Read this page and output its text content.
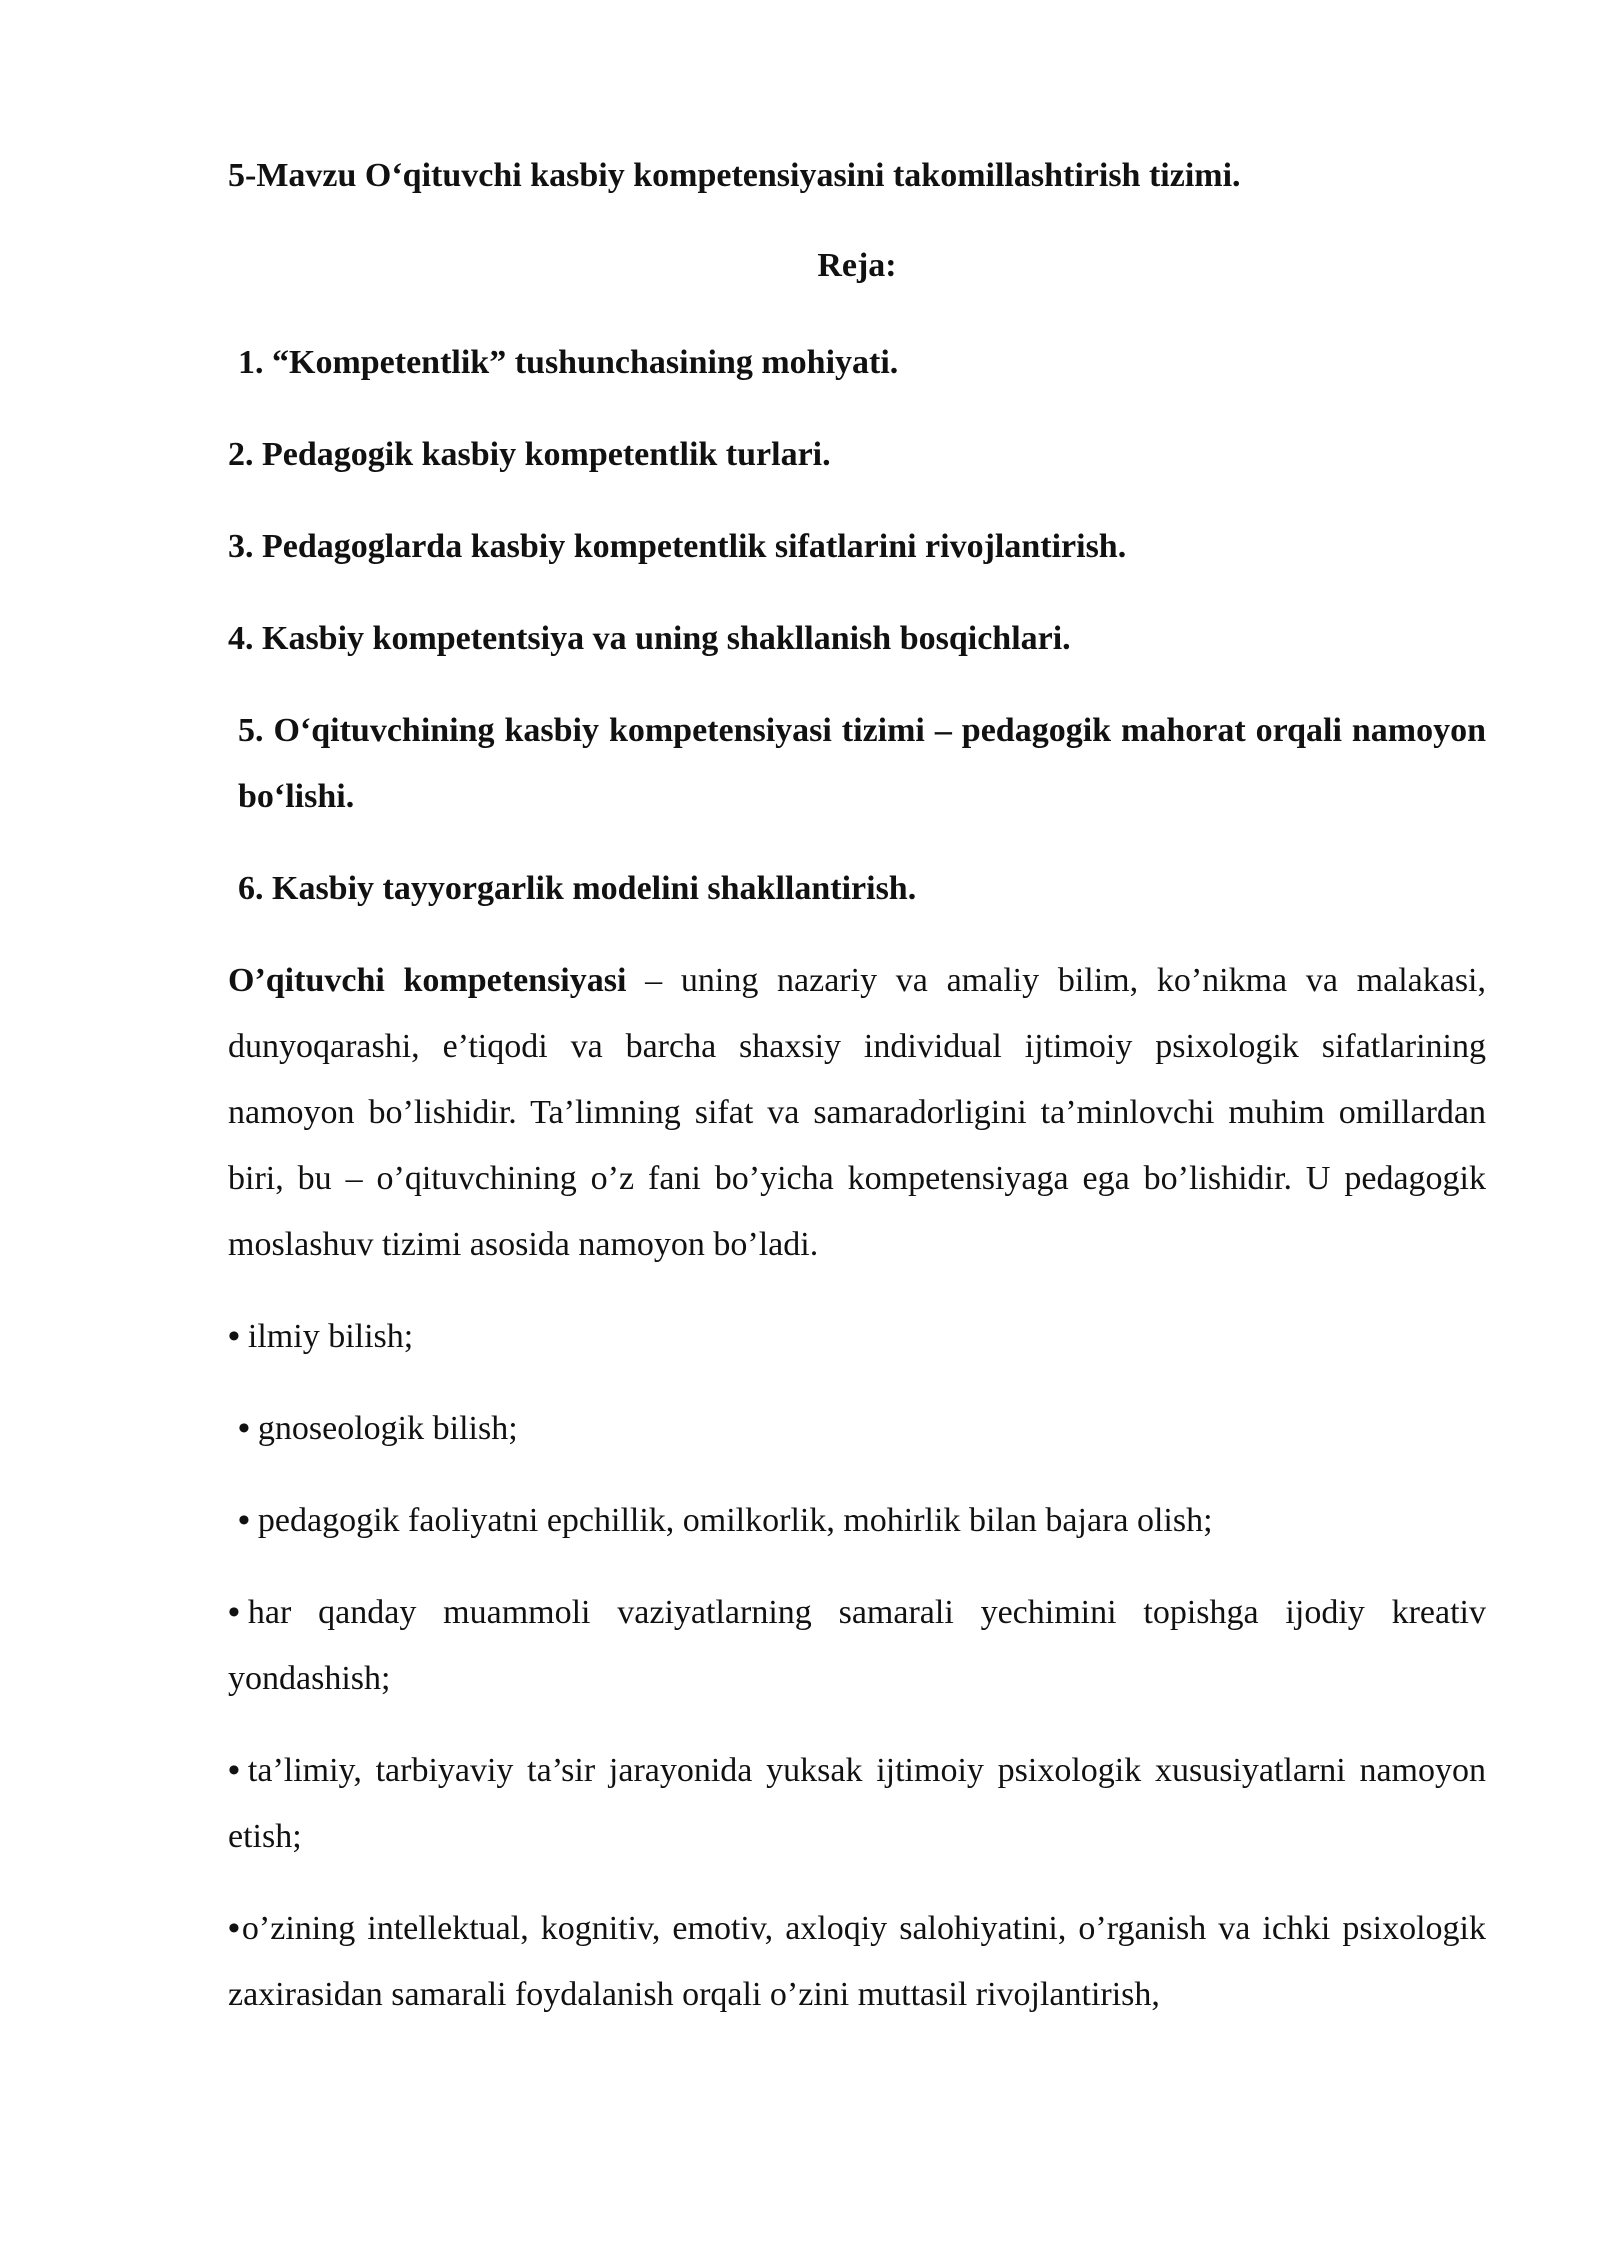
5-Mavzu O‘qituvchi kasbiy kompetensiyasini takomillashtirish tizimi.
Reja:
1. “Kompetentlik” tushunchasining mohiyati.
2. Pedagogik kasbiy kompetentlik turlari.
3. Pedagoglarda kasbiy kompetentlik sifatlarini rivojlantirish.
4. Kasbiy kompetentsiya va uning shakllanish bosqichlari.
5. O‘qituvchining kasbiy kompetensiyasi tizimi – pedagogik mahorat orqali namoyon bo‘lishi.
6. Kasbiy tayyorgarlik modelini shakllantirish.

O’qituvchi kompetensiyasi – uning nazariy va amaliy bilim, ko’nikma va malakasi, dunyoqarashi, e’tiqodi va barcha shaxsiy individual ijtimoiy psixologik sifatlarining namoyon bo’lishidir. Ta’limning sifat va samaradorligini ta’minlovchi muhim omillardan biri, bu – o’qituvchining o’z fani bo’yicha kompetensiyaga ega bo’lishidir. U pedagogik moslashuv tizimi asosida namoyon bo’ladi.

• ilmiy bilish;
• gnoseologik bilish;
• pedagogik faoliyatni epchillik, omilkorlik, mohirlik bilan bajara olish;
• har qanday muammoli vaziyatlarning samarali yechimini topishga ijodiy kreativ yondashish;
• ta’limiy, tarbiyaviy ta’sir jarayonida yuksak ijtimoiy psixologik xususiyatlarni namoyon etish;
•o’zining intellektual, kognitiv, emotiv, axloqiy salohiyatini, o’rganish va ichki psixologik zaxirasidan samarali foydalanish orqali o’zini muttasil rivojlantirish,
